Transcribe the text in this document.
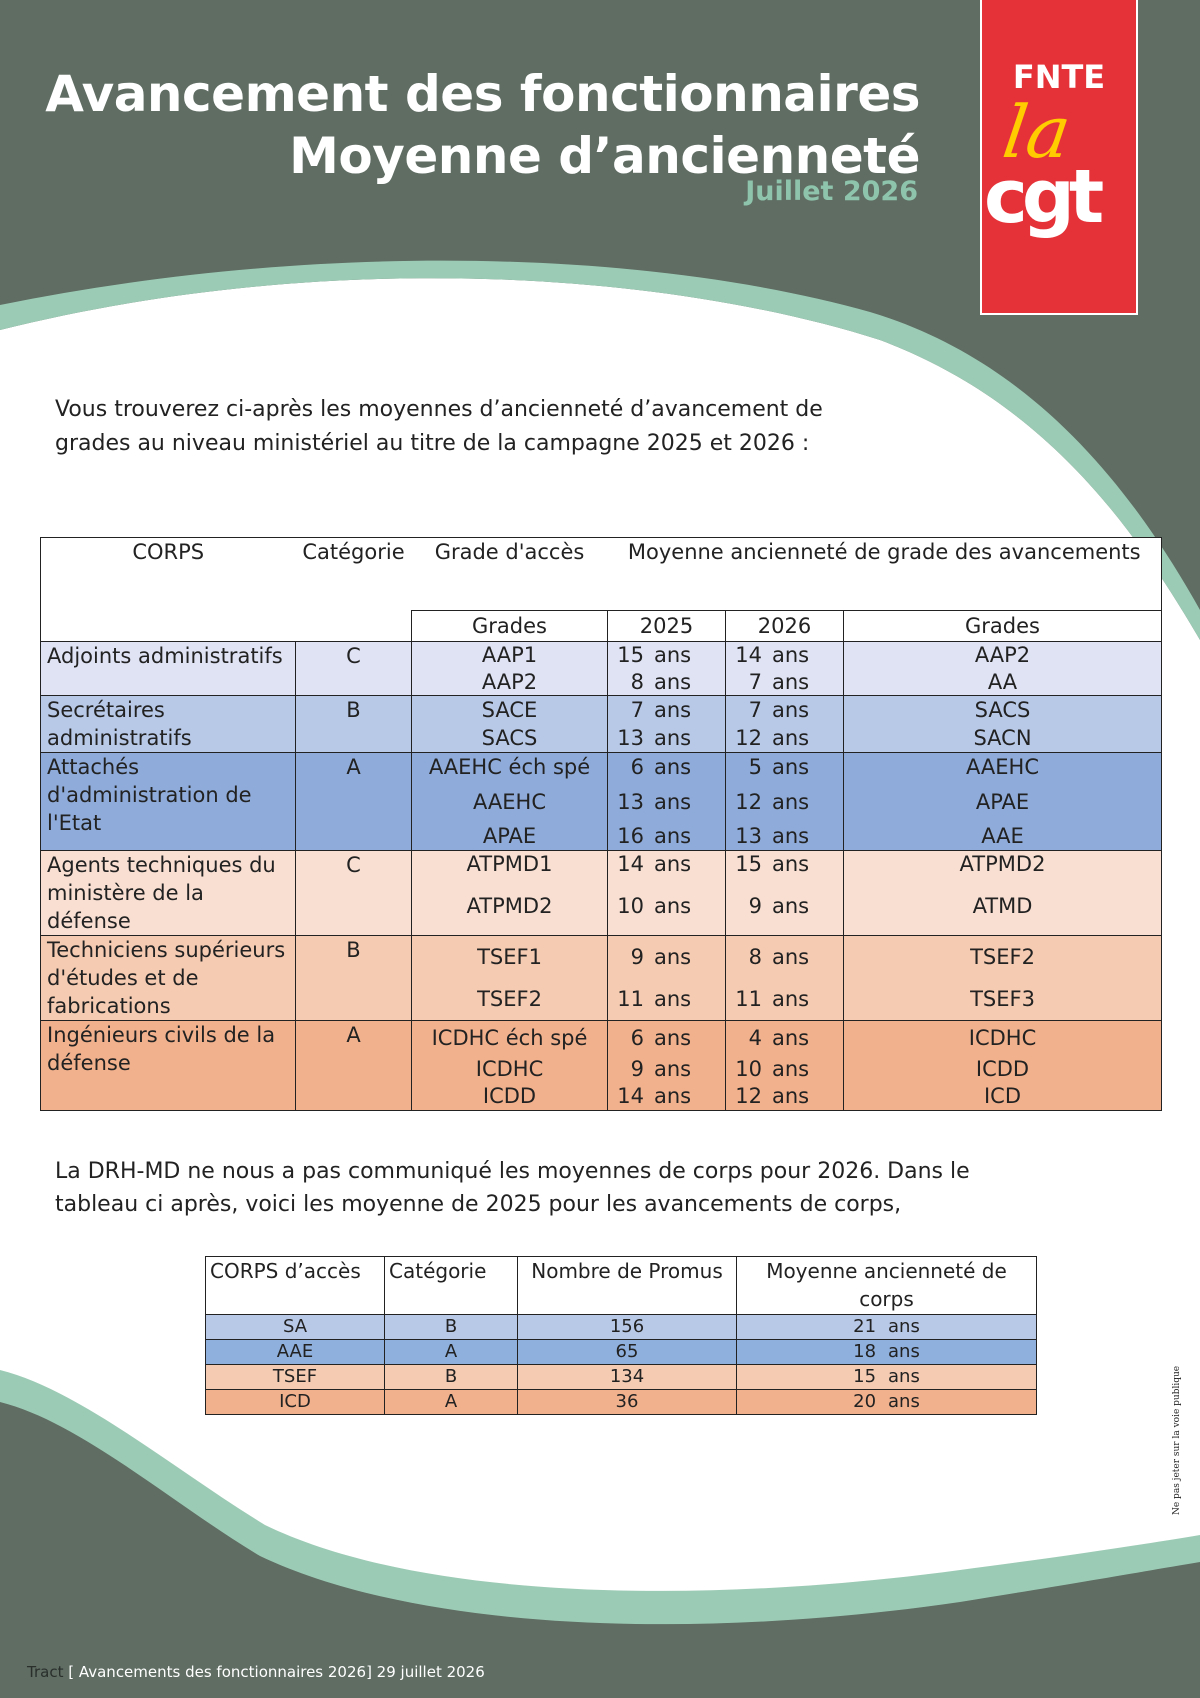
Avancement des fonctionnaires
Moyenne d’ancienneté
Juillet 2026
FNTE
la
cgt

Vous trouverez ci-après les moyennes d’ancienneté d’avancement de grades au niveau ministériel au titre de la campagne 2025 et 2026 :

CORPS	Catégorie	Grade d'accès	Moyenne ancienneté de grade des avancements				
		Grades	2025		2026		Grades
Adjoints administratifs	C	AAP1	15	ans	14	ans	AAP2
		AAP2	8	ans	7	ans	AA
Secrétaires administratifs	B	SACE	7	ans	7	ans	SACS
		SACS	13	ans	12	ans	SACN
Attachés d'administration de l'Etat	A	AAEHC éch spé	6	ans	5	ans	AAEHC
		AAEHC	13	ans	12	ans	APAE
		APAE	16	ans	13	ans	AAE
Agents techniques du ministère de la défense	C	ATPMD1	14	ans	15	ans	ATPMD2
		ATPMD2	10	ans	9	ans	ATMD
Techniciens supérieurs d'études et de fabrications	B	TSEF1	9	ans	8	ans	TSEF2
		TSEF2	11	ans	11	ans	TSEF3
Ingénieurs civils de la défense	A	ICDHC éch spé	6	ans	4	ans	ICDHC
		ICDHC	9	ans	10	ans	ICDD
		ICDD	14	ans	12	ans	ICD

La DRH-MD ne nous a pas communiqué les moyennes de corps pour 2026. Dans le tableau ci après, voici les moyenne de 2025 pour les avancements de corps,

CORPS d’accès	Catégorie	Nombre de Promus	Moyenne ancienneté de corps
SA	B	156	21 ans
AAE	A	65	18 ans
TSEF	B	134	15 ans
ICD	A	36	20 ans	Ne pas jeter sur la voie publique
Tract [ Avancements des fonctionnaires 2026] 29 juillet 2026
